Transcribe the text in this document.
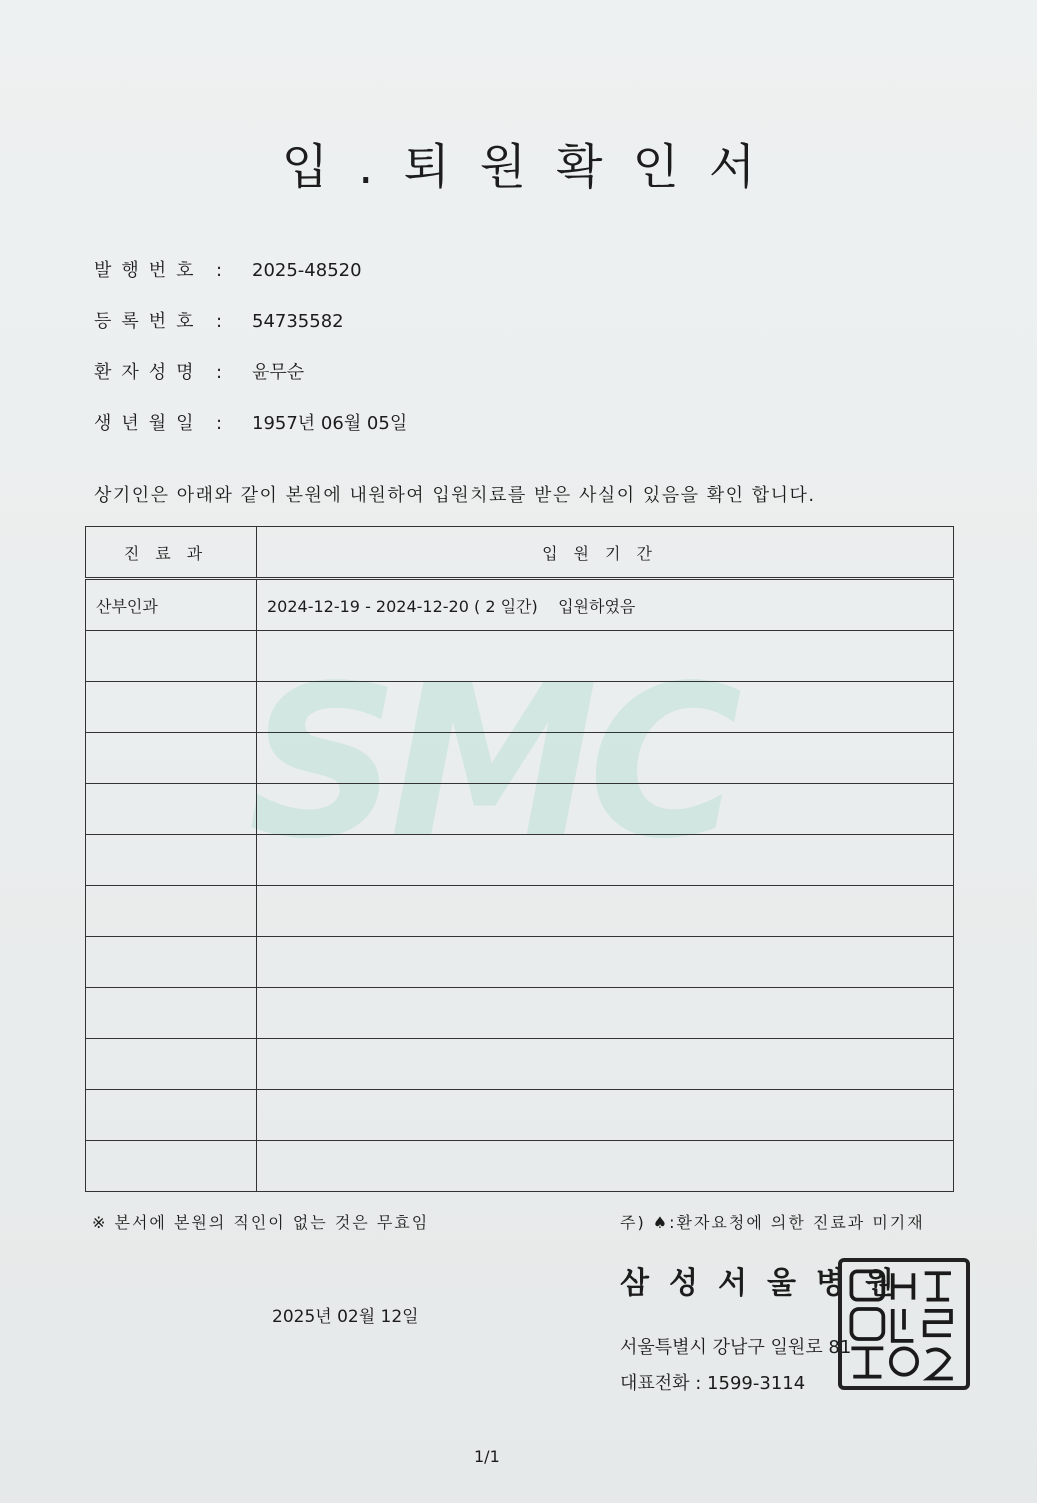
입.퇴원확인서
발행번호 : 2025-48520
등록번호 : 54735582
환자성명 : 윤무순
생년월일 : 1957년 06월 05일
상기인은 아래와 같이 본원에 내원하여 입원치료를 받은 사실이 있음을 확인 합니다.
SMC
진료과	입원기간
산부인과	2024-12-19 - 2024-12-20 ( 2 일간)    입원하였음

※ 본서에 본원의 직인이 없는 것은 무효임	주) ♠:환자요청에 의한 진료과 미기재
삼성서울병원
2025년 02월 12일
서울특별시 강남구 일원로 81
대표전화 : 1599-3114
1/1
